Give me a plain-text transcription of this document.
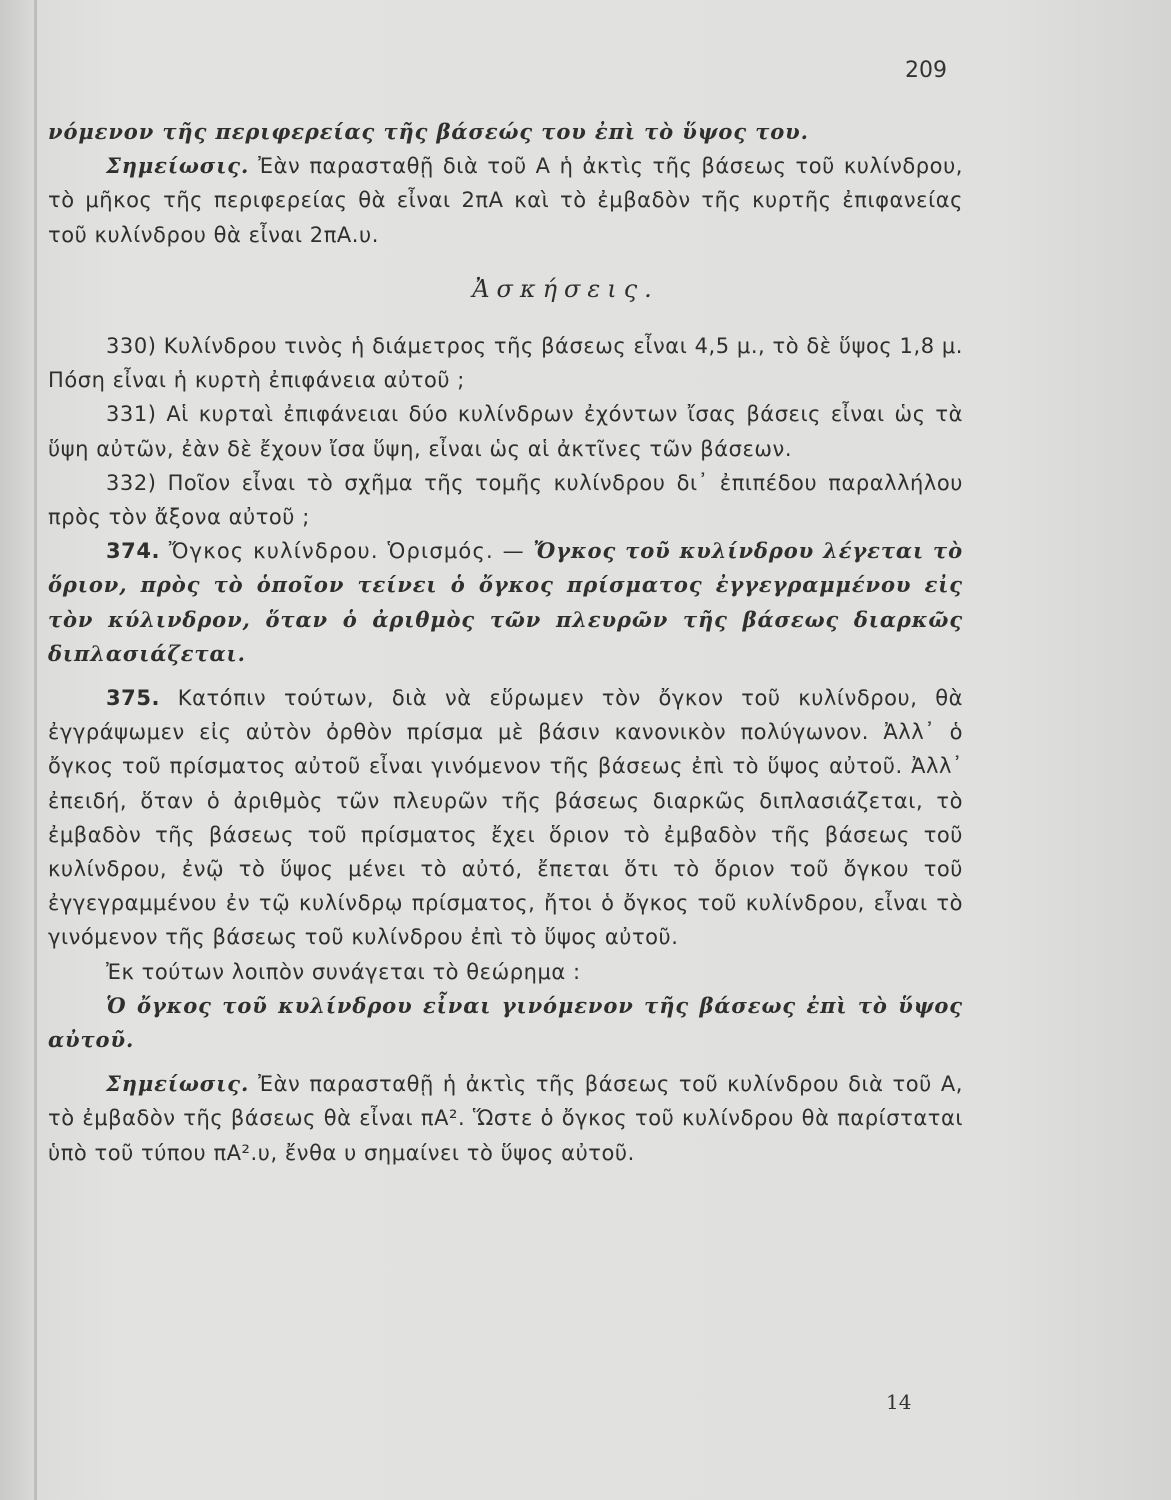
209

νόμενον τῆς περιφερείας τῆς βάσεώς του ἐπὶ τὸ ὕψος του.

Σημείωσις. Ἐὰν παρασταθῇ διὰ τοῦ Α ἡ ἀκτὶς τῆς βάσεως τοῦ κυλίνδρου, τὸ μῆκος τῆς περιφερείας θὰ εἶναι 2πΑ καὶ τὸ ἐμβαδὸν τῆς κυρτῆς ἐπιφανείας τοῦ κυλίνδρου θὰ εἶναι 2πΑ.υ.

Ἀσκήσεις.

330) Κυλίνδρου τινὸς ἡ διάμετρος τῆς βάσεως εἶναι 4,5 μ., τὸ δὲ ὕψος 1,8 μ. Πόση εἶναι ἡ κυρτὴ ἐπιφάνεια αὐτοῦ ;

331) Αἱ κυρταὶ ἐπιφάνειαι δύο κυλίνδρων ἐχόντων ἴσας βάσεις εἶναι ὡς τὰ ὕψη αὐτῶν, ἐὰν δὲ ἔχουν ἴσα ὕψη, εἶναι ὡς αἱ ἀκτῖνες τῶν βάσεων.

332) Ποῖον εἶναι τὸ σχῆμα τῆς τομῆς κυλίνδρου δι᾽ ἐπιπέδου παραλλήλου πρὸς τὸν ἄξονα αὐτοῦ ;

374. Ὄγκος κυλίνδρου. Ὁρισμός. — Ὄγκος τοῦ κυλίνδρου λέγεται τὸ ὅριον, πρὸς τὸ ὁποῖον τείνει ὁ ὄγκος πρίσματος ἐγγεγραμμένου εἰς τὸν κύλινδρον, ὅταν ὁ ἀριθμὸς τῶν πλευρῶν τῆς βάσεως διαρκῶς διπλασιάζεται.

375. Κατόπιν τούτων, διὰ νὰ εὕρωμεν τὸν ὄγκον τοῦ κυλίνδρου, θὰ ἐγγράψωμεν εἰς αὐτὸν ὀρθὸν πρίσμα μὲ βάσιν κανονικὸν πολύγωνον. Ἀλλ᾽ ὁ ὄγκος τοῦ πρίσματος αὐτοῦ εἶναι γινόμενον τῆς βάσεως ἐπὶ τὸ ὕψος αὐτοῦ. Ἀλλ᾽ ἐπειδή, ὅταν ὁ ἀριθμὸς τῶν πλευρῶν τῆς βάσεως διαρκῶς διπλασιάζεται, τὸ ἐμβαδὸν τῆς βάσεως τοῦ πρίσματος ἔχει ὅριον τὸ ἐμβαδὸν τῆς βάσεως τοῦ κυλίνδρου, ἐνῷ τὸ ὕψος μένει τὸ αὐτό, ἔπεται ὅτι τὸ ὅριον τοῦ ὄγκου τοῦ ἐγγεγραμμένου ἐν τῷ κυλίνδρῳ πρίσματος, ἤτοι ὁ ὄγκος τοῦ κυλίνδρου, εἶναι τὸ γινόμενον τῆς βάσεως τοῦ κυλίνδρου ἐπὶ τὸ ὕψος αὐτοῦ.

Ἐκ τούτων λοιπὸν συνάγεται τὸ θεώρημα :

Ὁ ὄγκος τοῦ κυλίνδρου εἶναι γινόμενον τῆς βάσεως ἐπὶ τὸ ὕψος αὐτοῦ.

Σημείωσις. Ἐὰν παρασταθῇ ἡ ἀκτὶς τῆς βάσεως τοῦ κυλίνδρου διὰ τοῦ Α, τὸ ἐμβαδὸν τῆς βάσεως θὰ εἶναι πΑ². Ὥστε ὁ ὄγκος τοῦ κυλίνδρου θὰ παρίσταται ὑπὸ τοῦ τύπου πΑ².υ, ἔνθα υ σημαίνει τὸ ὕψος αὐτοῦ.

14
